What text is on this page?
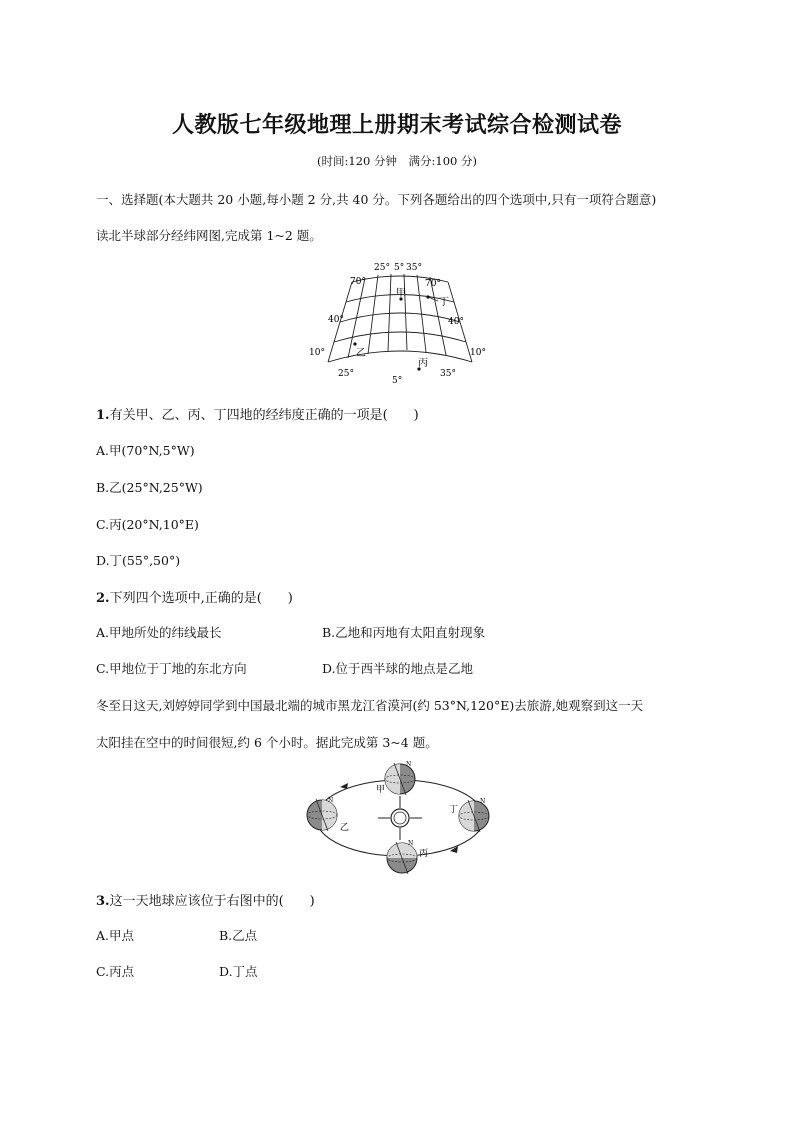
人教版七年级地理上册期末考试综合检测试卷
(时间:120 分钟　满分:100 分)
一、选择题(本大题共 20 小题,每小题 2 分,共 40 分。下列各题给出的四个选项中,只有一项符合题意)
读北半球部分经纬网图,完成第 1~2 题。
25° 5° 35°
70°	70°
40°	40°
10°	10°
25°
5°
35°
甲
乙
丙
丁
1.有关甲、乙、丙、丁四地的经纬度正确的一项是(　　)
A.甲(70°N,5°W)
B.乙(25°N,25°W)
C.丙(20°N,10°E)
D.丁(55°,50°)
2.下列四个选项中,正确的是(　　)
A.甲地所处的纬线最长	B.乙地和丙地有太阳直射现象
C.甲地位于丁地的东北方向	D.位于西半球的地点是乙地
冬至日这天,刘婷婷同学到中国最北端的城市黑龙江省漠河(约 53°N,120°E)去旅游,她观察到这一天
太阳挂在空中的时间很短,约 6 个小时。据此完成第 3~4 题。
N
N
N
N
甲
乙
丙
丁
3.这一天地球应该位于右图中的(　　)
A.甲点	B.乙点
C.丙点	D.丁点
